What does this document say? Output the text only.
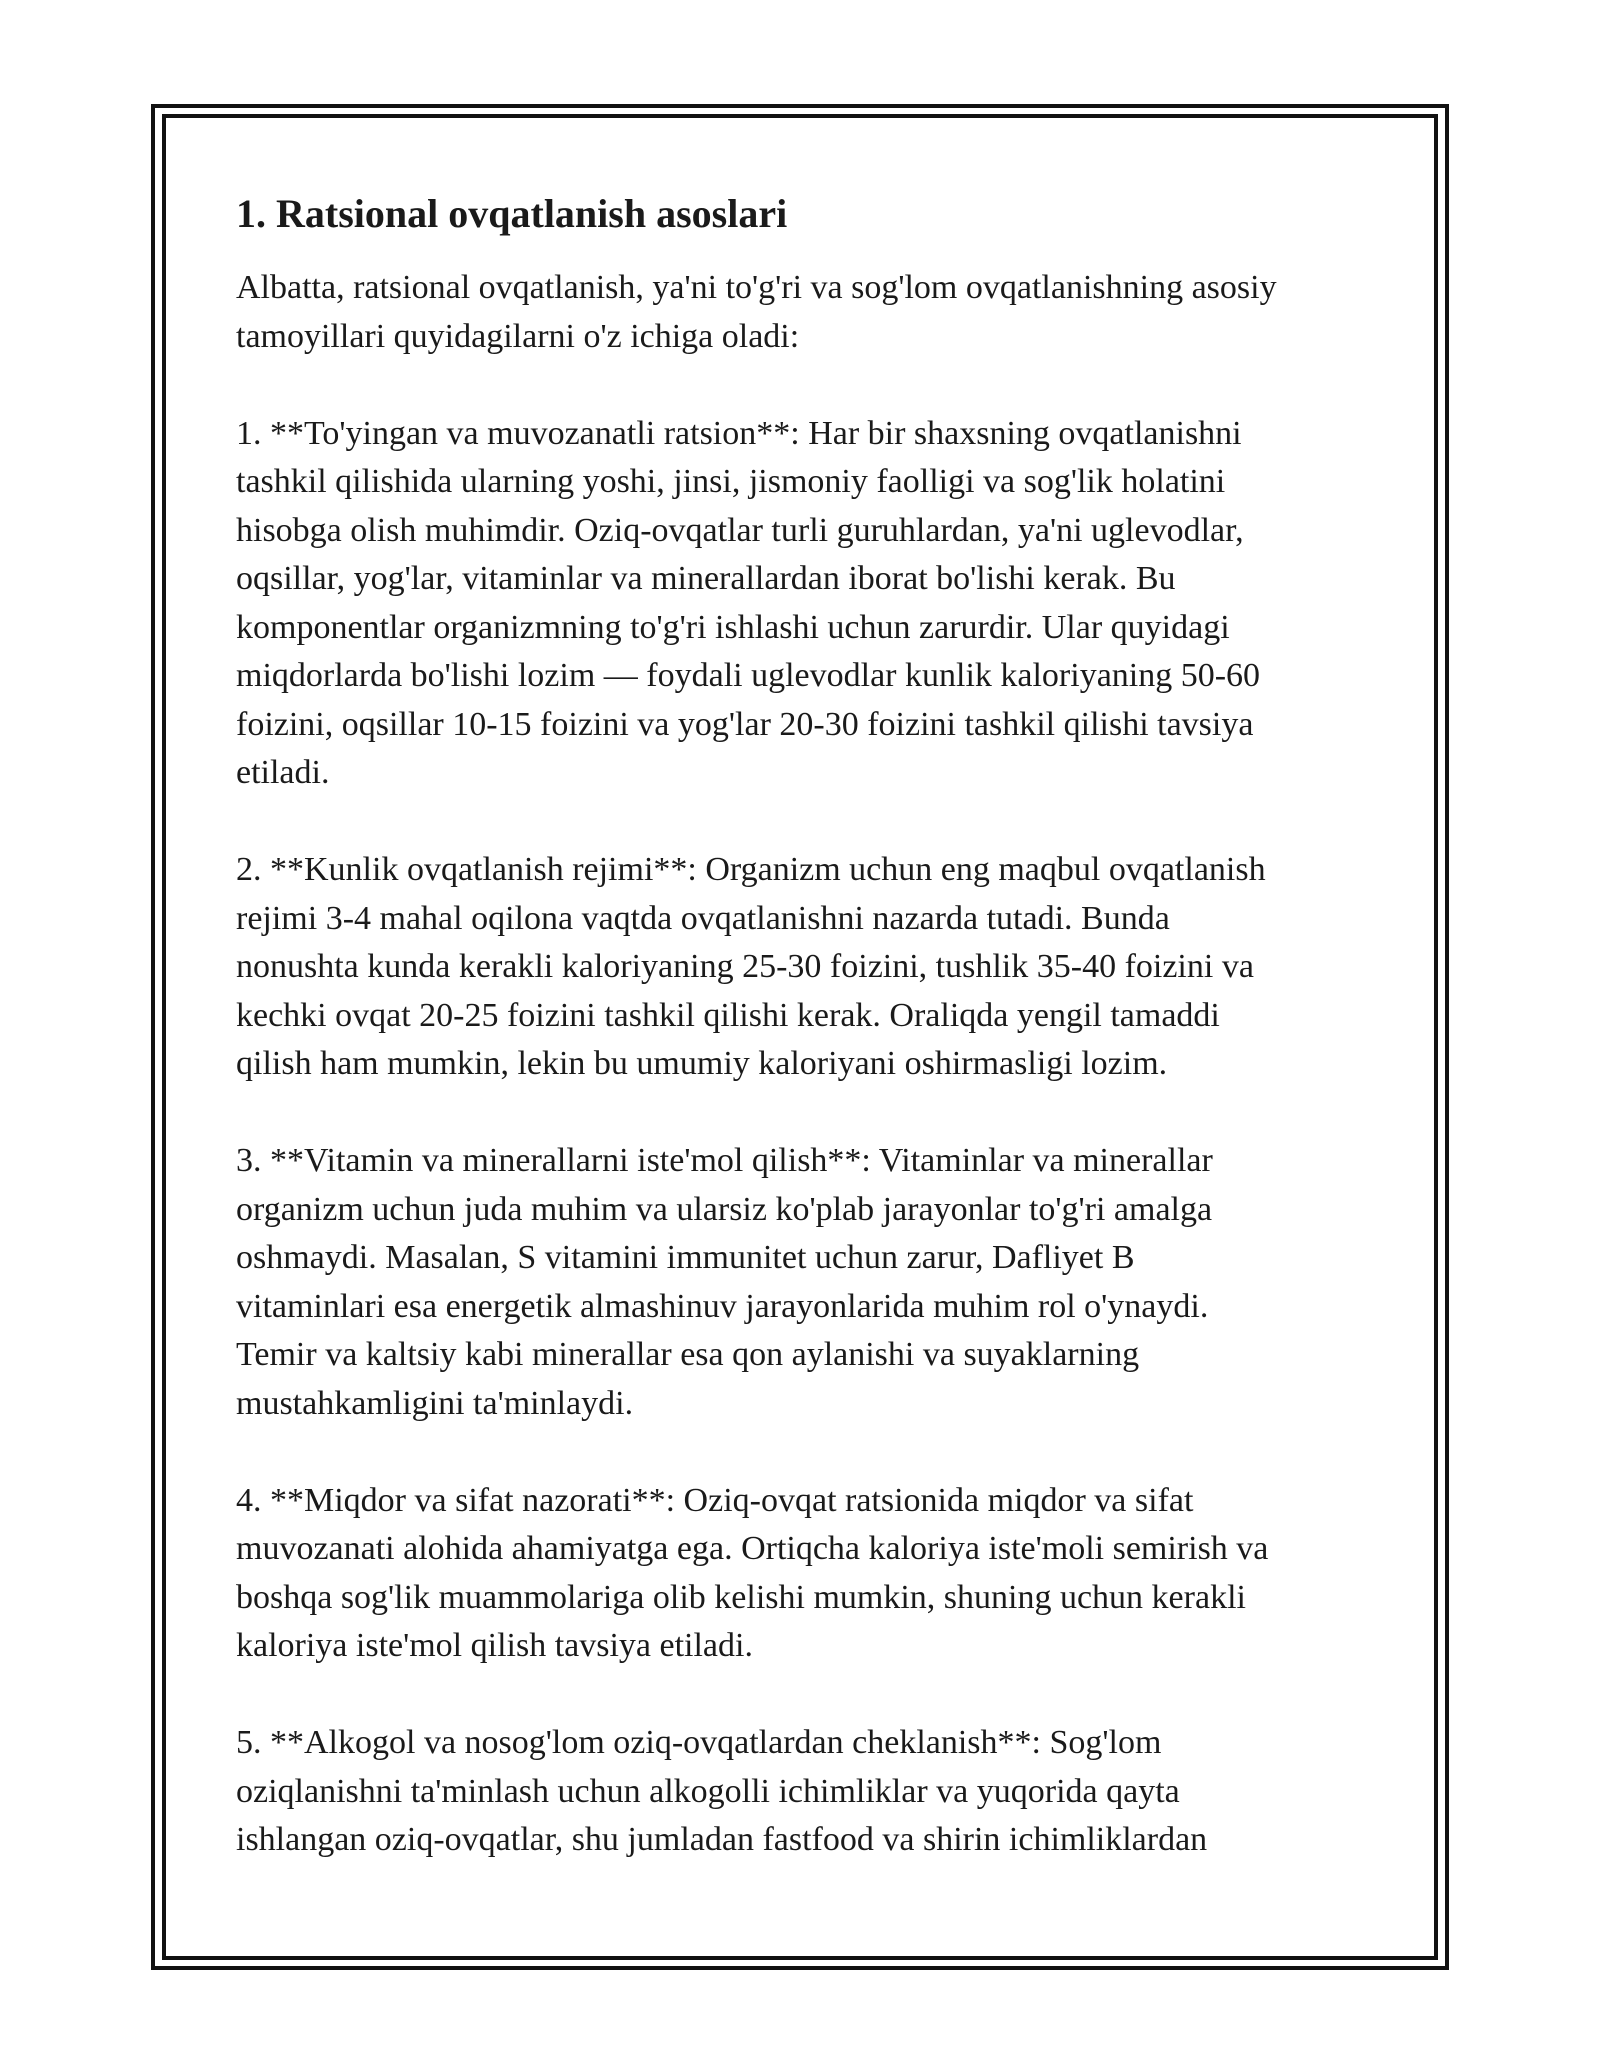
1. Ratsional ovqatlanish asoslari

Albatta, ratsional ovqatlanish, ya'ni to'g'ri va sog'lom ovqatlanishning asosiy
tamoyillari quyidagilarni o'z ichiga oladi:

1. **To'yingan va muvozanatli ratsion**: Har bir shaxsning ovqatlanishni
tashkil qilishida ularning yoshi, jinsi, jismoniy faolligi va sog'lik holatini
hisobga olish muhimdir. Oziq-ovqatlar turli guruhlardan, ya'ni uglevodlar,
oqsillar, yog'lar, vitaminlar va minerallardan iborat bo'lishi kerak. Bu
komponentlar organizmning to'g'ri ishlashi uchun zarurdir. Ular quyidagi
miqdorlarda bo'lishi lozim — foydali uglevodlar kunlik kaloriyaning 50-60
foizini, oqsillar 10-15 foizini va yog'lar 20-30 foizini tashkil qilishi tavsiya
etiladi.

2. **Kunlik ovqatlanish rejimi**: Organizm uchun eng maqbul ovqatlanish
rejimi 3-4 mahal oqilona vaqtda ovqatlanishni nazarda tutadi. Bunda
nonushta kunda kerakli kaloriyaning 25-30 foizini, tushlik 35-40 foizini va
kechki ovqat 20-25 foizini tashkil qilishi kerak. Oraliqda yengil tamaddi
qilish ham mumkin, lekin bu umumiy kaloriyani oshirmasligi lozim.

3. **Vitamin va minerallarni iste'mol qilish**: Vitaminlar va minerallar
organizm uchun juda muhim va ularsiz ko'plab jarayonlar to'g'ri amalga
oshmaydi. Masalan, S vitamini immunitet uchun zarur, Dafliyet B
vitaminlari esa energetik almashinuv jarayonlarida muhim rol o'ynaydi.
Temir va kaltsiy kabi minerallar esa qon aylanishi va suyaklarning
mustahkamligini ta'minlaydi.

4. **Miqdor va sifat nazorati**: Oziq-ovqat ratsionida miqdor va sifat
muvozanati alohida ahamiyatga ega. Ortiqcha kaloriya iste'moli semirish va
boshqa sog'lik muammolariga olib kelishi mumkin, shuning uchun kerakli
kaloriya iste'mol qilish tavsiya etiladi.

5. **Alkogol va nosog'lom oziq-ovqatlardan cheklanish**: Sog'lom
oziqlanishni ta'minlash uchun alkogolli ichimliklar va yuqorida qayta
ishlangan oziq-ovqatlar, shu jumladan fastfood va shirin ichimliklardan
